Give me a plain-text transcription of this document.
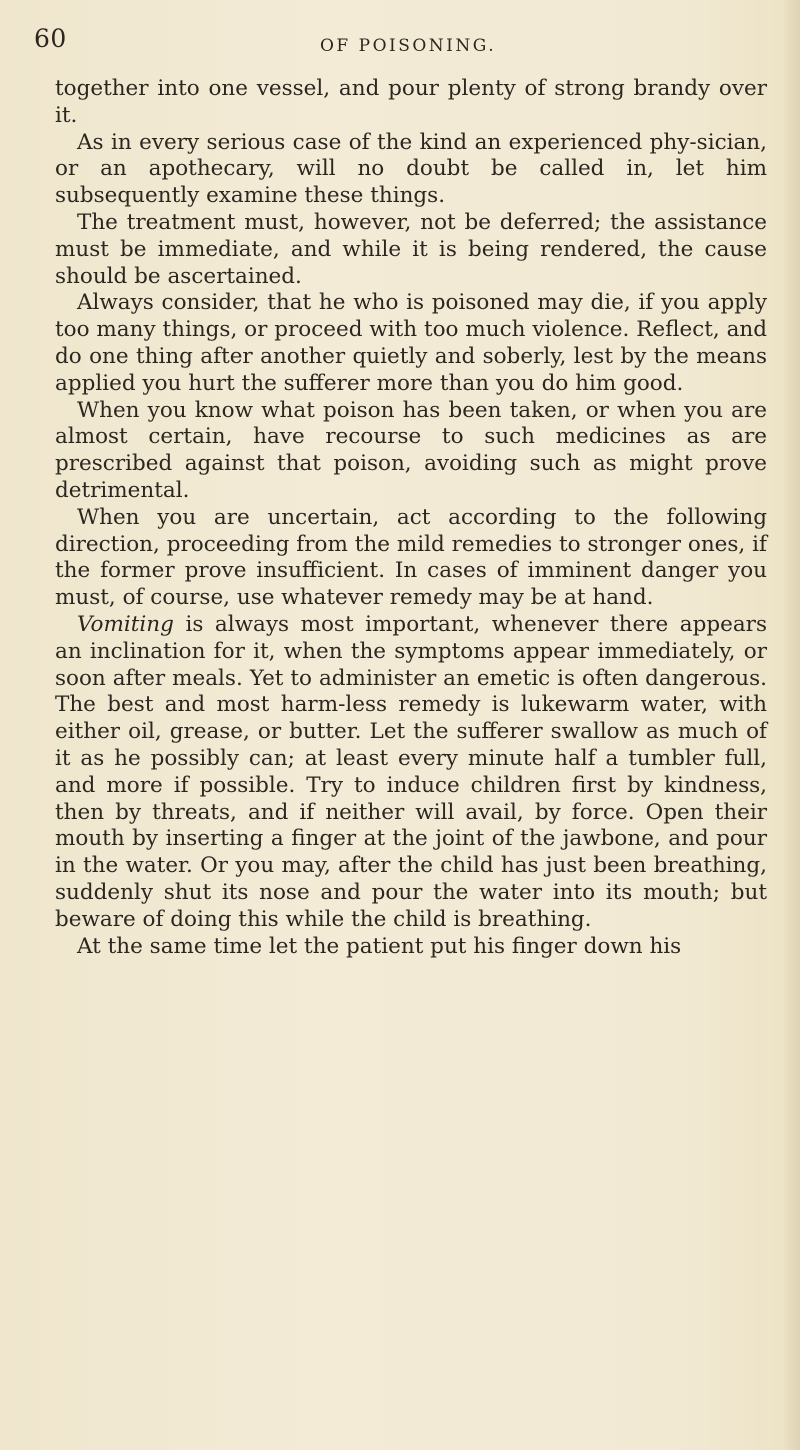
60	OF POISONING.

together into one vessel, and pour plenty of strong brandy over it.

As in every serious case of the kind an experienced phy-sician, or an apothecary, will no doubt be called in, let him subsequently examine these things.

The treatment must, however, not be deferred; the assistance must be immediate, and while it is being rendered, the cause should be ascertained.

Always consider, that he who is poisoned may die, if you apply too many things, or proceed with too much violence. Reflect, and do one thing after another quietly and soberly, lest by the means applied you hurt the sufferer more than you do him good.

When you know what poison has been taken, or when you are almost certain, have recourse to such medicines as are prescribed against that poison, avoiding such as might prove detrimental.

When you are uncertain, act according to the following direction, proceeding from the mild remedies to stronger ones, if the former prove insufficient. In cases of imminent danger you must, of course, use whatever remedy may be at hand.

Vomiting is always most important, whenever there appears an inclination for it, when the symptoms appear immediately, or soon after meals. Yet to administer an emetic is often dangerous. The best and most harm-less remedy is lukewarm water, with either oil, grease, or butter. Let the sufferer swallow as much of it as he possibly can; at least every minute half a tumbler full, and more if possible. Try to induce children first by kindness, then by threats, and if neither will avail, by force. Open their mouth by inserting a finger at the joint of the jawbone, and pour in the water. Or you may, after the child has just been breathing, suddenly shut its nose and pour the water into its mouth; but beware of doing this while the child is breathing.

At the same time let the patient put his finger down his
